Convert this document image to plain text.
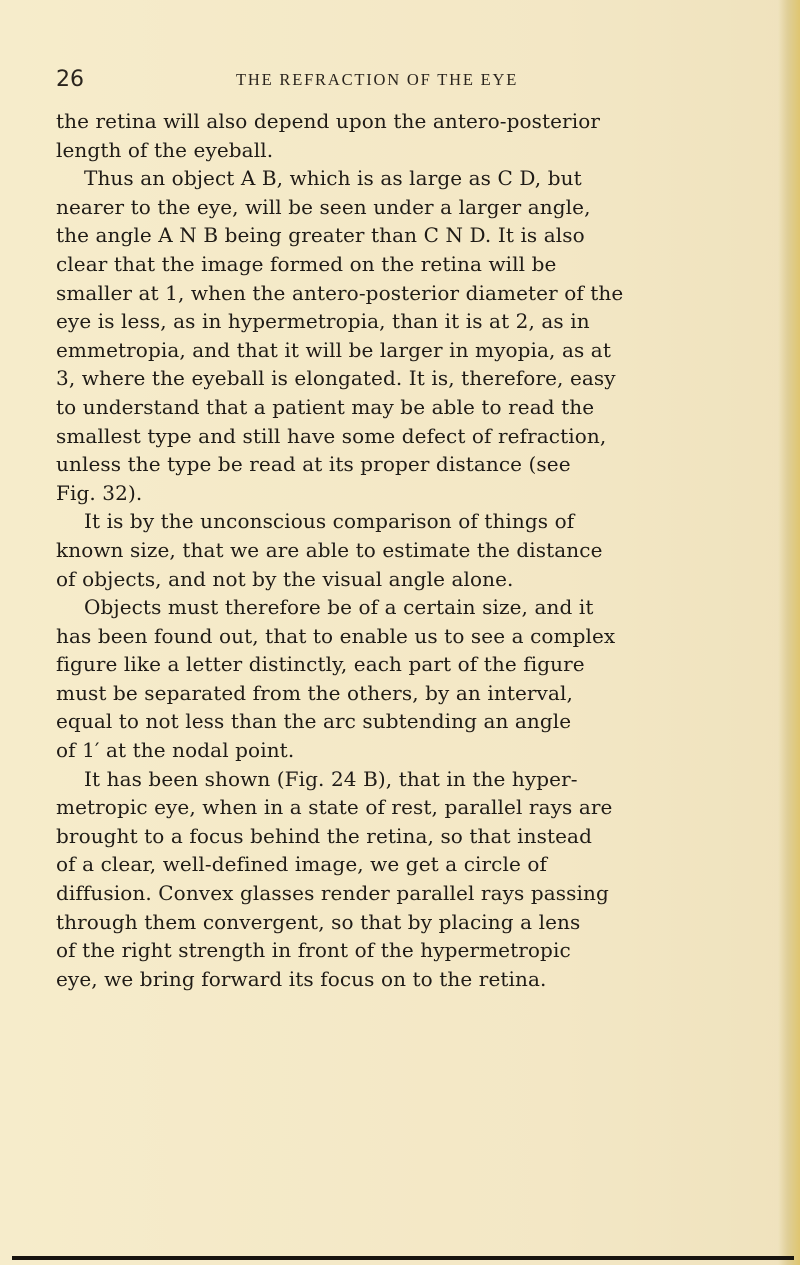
26	THE REFRACTION OF THE EYE
the retina will also depend upon the antero-posterior
length of the eyeball.
Thus an object A B, which is as large as C D, but
nearer to the eye, will be seen under a larger angle,
the angle A N B being greater than C N D. It is also
clear that the image formed on the retina will be
smaller at 1, when the antero-posterior diameter of the
eye is less, as in hypermetropia, than it is at 2, as in
emmetropia, and that it will be larger in myopia, as at
3, where the eyeball is elongated. It is, therefore, easy
to understand that a patient may be able to read the
smallest type and still have some defect of refraction,
unless the type be read at its proper distance (see
Fig. 32).
It is by the unconscious comparison of things of
known size, that we are able to estimate the distance
of objects, and not by the visual angle alone.
Objects must therefore be of a certain size, and it
has been found out, that to enable us to see a complex
figure like a letter distinctly, each part of the figure
must be separated from the others, by an interval,
equal to not less than the arc subtending an angle
of 1′ at the nodal point.
It has been shown (Fig. 24 B), that in the hyper-
metropic eye, when in a state of rest, parallel rays are
brought to a focus behind the retina, so that instead
of a clear, well-defined image, we get a circle of
diffusion. Convex glasses render parallel rays passing
through them convergent, so that by placing a lens
of the right strength in front of the hypermetropic
eye, we bring forward its focus on to the retina.
